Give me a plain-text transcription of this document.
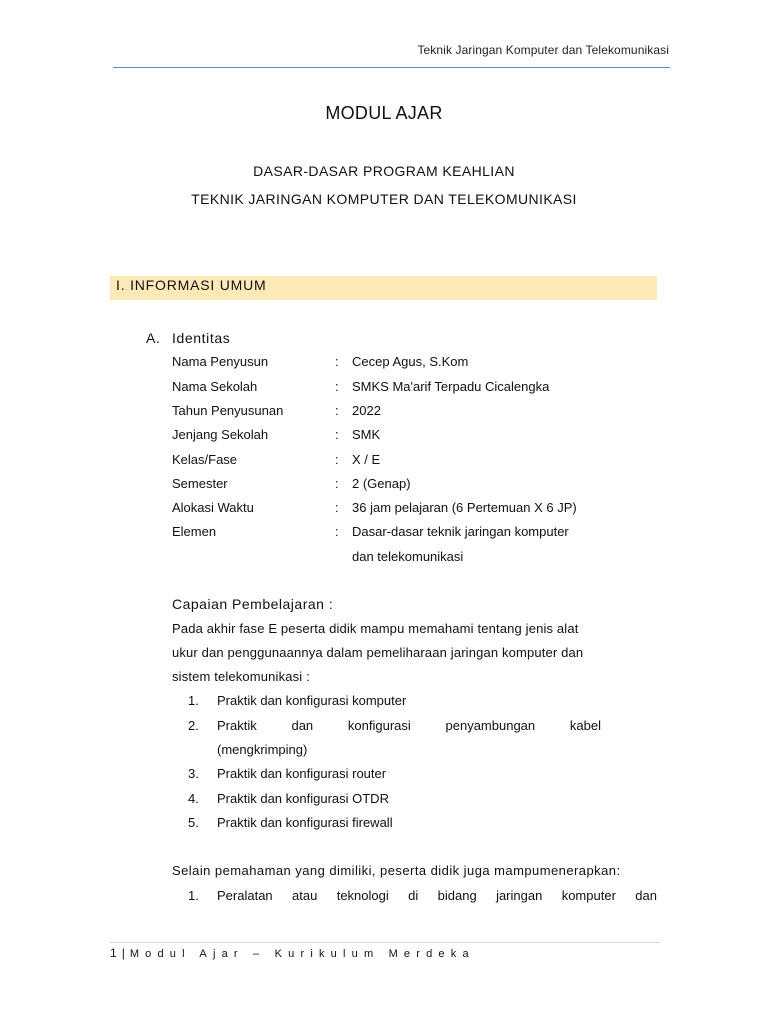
Teknik Jaringan Komputer dan Telekomunikasi
MODUL AJAR
DASAR-DASAR PROGRAM KEAHLIAN
TEKNIK JARINGAN KOMPUTER DAN TELEKOMUNIKASI
I. INFORMASI UMUM
A. Identitas
Nama Penyusun	: Cecep Agus, S.Kom
Nama Sekolah	: SMKS Ma'arif Terpadu Cicalengka
Tahun Penyusunan	: 2022
Jenjang Sekolah	: SMK
Kelas/Fase	: X / E
Semester	: 2 (Genap)
Alokasi Waktu	: 36 jam pelajaran (6 Pertemuan X 6 JP)
Elemen	: Dasar-dasar teknik jaringan komputer
dan telekomunikasi
Capaian Pembelajaran :
Pada akhir fase E peserta didik mampu memahami tentang jenis alat
ukur dan penggunaannya dalam pemeliharaan jaringan komputer dan
sistem telekomunikasi :
1. Praktik dan konfigurasi komputer
2. Praktik	dan	konfigurasi	penyambungan	kabel
(mengkrimping)
3. Praktik dan konfigurasi router
4. Praktik dan konfigurasi OTDR
5. Praktik dan konfigurasi firewall
Selain pemahaman yang dimiliki, peserta didik juga mampumenerapkan:
1. Peralatan atau teknologi di bidang jaringan komputer dan
1 | Modul Ajar – Kurikulum Merdeka
